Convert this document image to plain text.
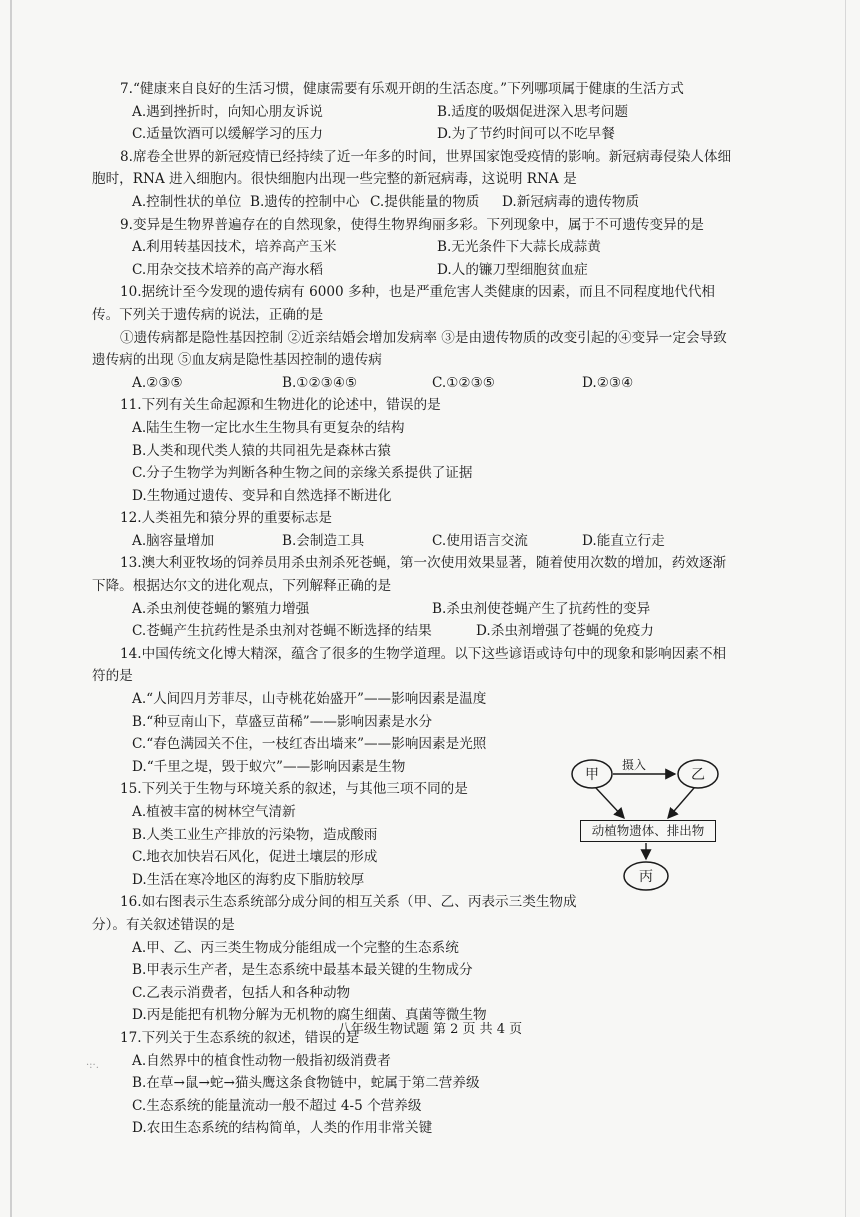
7.“健康来自良好的生活习惯，健康需要有乐观开朗的生活态度。”下列哪项属于健康的生活方式
A.遇到挫折时，向知心朋友诉说	B.适度的吸烟促进深入思考问题
C.适量饮酒可以缓解学习的压力	D.为了节约时间可以不吃早餐
8.席卷全世界的新冠疫情已经持续了近一年多的时间，世界国家饱受疫情的影响。新冠病毒侵染人体细胞时，RNA 进入细胞内。很快细胞内出现一些完整的新冠病毒，这说明 RNA 是
A.控制性状的单位 B.遗传的控制中心 C.提供能量的物质	D.新冠病毒的遗传物质
9.变异是生物界普遍存在的自然现象，使得生物界绚丽多彩。下列现象中，属于不可遗传变异的是
A.利用转基因技术，培养高产玉米	B.无光条件下大蒜长成蒜黄
C.用杂交技术培养的高产海水稻	D.人的镰刀型细胞贫血症
10.据统计至今发现的遗传病有 6000 多种，也是严重危害人类健康的因素，而且不同程度地代代相传。下列关于遗传病的说法，正确的是
①遗传病都是隐性基因控制 ②近亲结婚会增加发病率 ③是由遗传物质的改变引起的④变异一定会导致遗传病的出现 ⑤血友病是隐性基因控制的遗传病
A.②③⑤	B.①②③④⑤	C.①②③⑤	D.②③④
11.下列有关生命起源和生物进化的论述中，错误的是
A.陆生生物一定比水生生物具有更复杂的结构
B.人类和现代类人猿的共同祖先是森林古猿
C.分子生物学为判断各种生物之间的亲缘关系提供了证据
D.生物通过遗传、变异和自然选择不断进化
12.人类祖先和猿分界的重要标志是
A.脑容量增加	B.会制造工具	C.使用语言交流	D.能直立行走
13.澳大利亚牧场的饲养员用杀虫剂杀死苍蝇，第一次使用效果显著，随着使用次数的增加，药效逐渐下降。根据达尔文的进化观点，下列解释正确的是
A.杀虫剂使苍蝇的繁殖力增强	B.杀虫剂使苍蝇产生了抗药性的变异
C.苍蝇产生抗药性是杀虫剂对苍蝇不断选择的结果	D.杀虫剂增强了苍蝇的免疫力
14.中国传统文化博大精深，蕴含了很多的生物学道理。以下这些谚语或诗句中的现象和影响因素不相符的是
A.“人间四月芳菲尽，山寺桃花始盛开”——影响因素是温度
B.“种豆南山下，草盛豆苗稀”——影响因素是水分
C.“春色满园关不住，一枝红杏出墙来”——影响因素是光照
D.“千里之堤，毁于蚁穴”——影响因素是生物
15.下列关于生物与环境关系的叙述，与其他三项不同的是
A.植被丰富的树林空气清新
B.人类工业生产排放的污染物，造成酸雨
C.地衣加快岩石风化，促进土壤层的形成
D.生活在寒冷地区的海豹皮下脂肪较厚
16.如右图表示生态系统部分成分间的相互关系（甲、乙、丙表示三类生物成分）。有关叙述错误的是
A.甲、乙、丙三类生物成分能组成一个完整的生态系统
B.甲表示生产者，是生态系统中最基本最关键的生物成分
C.乙表示消费者，包括人和各种动物
D.丙是能把有机物分解为无机物的腐生细菌、真菌等微生物
17.下列关于生态系统的叙述，错误的是
A.自然界中的植食性动物一般指初级消费者
B.在草→鼠→蛇→猫头鹰这条食物链中，蛇属于第二营养级
C.生态系统的能量流动一般不超过 4-5 个营养级
D.农田生态系统的结构简单，人类的作用非常关键
甲	乙
丙
摄入
动植物遗体、排出物
八年级生物试题 第 2 页 共 4 页
·:·.
